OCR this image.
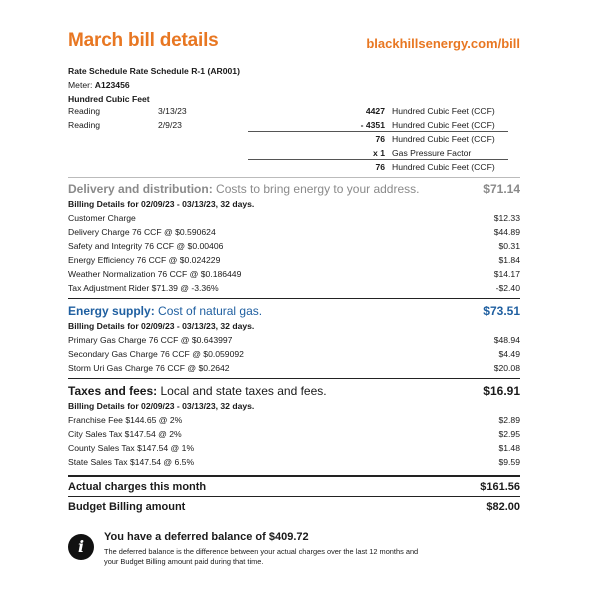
March bill details	blackhillsenergy.com/bill
Rate Schedule Rate Schedule R-1 (AR001)
Meter: A123456
Hundred Cubic Feet
Reading	3/13/23	4427 Hundred Cubic Feet (CCF)
Reading	2/9/23	- 4351 Hundred Cubic Feet (CCF)
76 Hundred Cubic Feet (CCF)
x 1 Gas Pressure Factor
76 Hundred Cubic Feet (CCF)
Delivery and distribution: Costs to bring energy to your address.	$71.14
Billing Details for 02/09/23 - 03/13/23, 32 days.
Customer Charge	$12.33
Delivery Charge 76 CCF @ $0.590624	$44.89
Safety and Integrity 76 CCF @ $0.00406	$0.31
Energy Efficiency 76 CCF @ $0.024229	$1.84
Weather Normalization 76 CCF @ $0.186449	$14.17
Tax Adjustment Rider $71.39 @ -3.36%	-$2.40
Energy supply: Cost of natural gas.	$73.51
Billing Details for 02/09/23 - 03/13/23, 32 days.
Primary Gas Charge 76 CCF @ $0.643997	$48.94
Secondary Gas Charge 76 CCF @ $0.059092	$4.49
Storm Uri Gas Charge 76 CCF @ $0.2642	$20.08
Taxes and fees: Local and state taxes and fees.	$16.91
Billing Details for 02/09/23 - 03/13/23, 32 days.
Franchise Fee $144.65 @ 2%	$2.89
City Sales Tax $147.54 @ 2%	$2.95
County Sales Tax $147.54 @ 1%	$1.48
State Sales Tax $147.54 @ 6.5%	$9.59
Actual charges this month	$161.56
Budget Billing amount	$82.00
i	You have a deferred balance of $409.72
The deferred balance is the difference between your actual charges over the last 12 months and your Budget Billing amount paid during that time.
